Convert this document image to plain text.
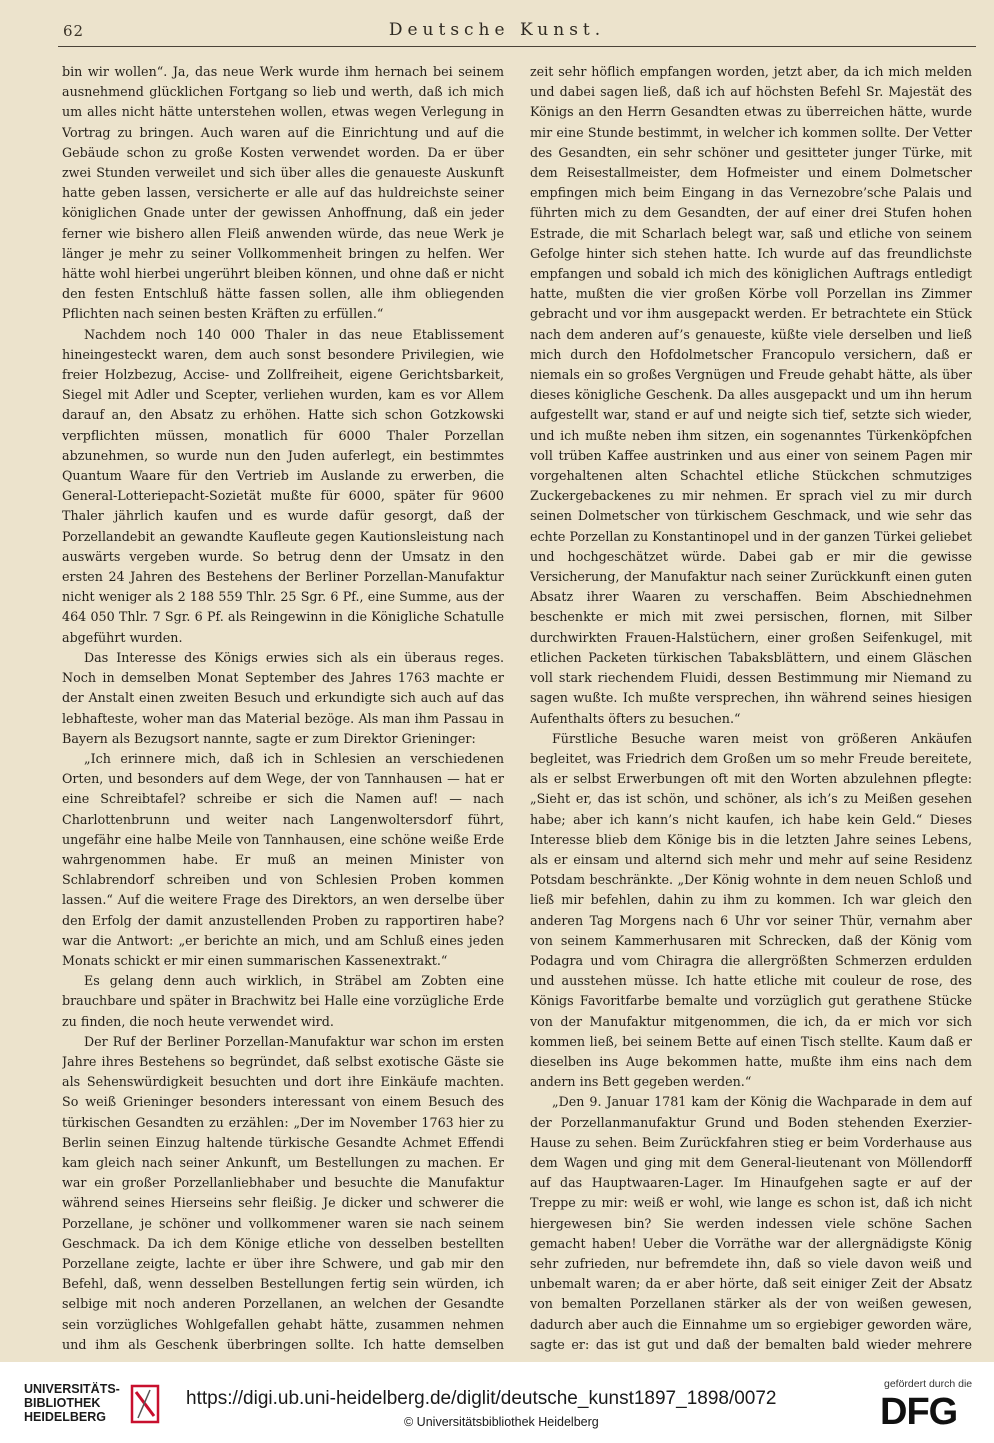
62	Deutsche Kunst.

bin wir wollen“. Ja, das neue Werk wurde ihm hernach bei seinem ausnehmend glücklichen Fortgang so lieb und werth, daß ich mich um alles nicht hätte unterstehen wollen, etwas wegen Verlegung in Vortrag zu bringen. Auch waren auf die Einrichtung und auf die Gebäude schon zu große Kosten verwendet worden. Da er über zwei Stunden verweilet und sich über alles die genaueste Auskunft hatte geben lassen, versicherte er alle auf das huldreichste seiner königlichen Gnade unter der gewissen Anhoffnung, daß ein jeder ferner wie bishero allen Fleiß anwenden würde, das neue Werk je länger je mehr zu seiner Vollkommenheit bringen zu helfen. Wer hätte wohl hierbei ungerührt bleiben können, und ohne daß er nicht den festen Entschluß hätte fassen sollen, alle ihm obliegenden Pflichten nach seinen besten Kräften zu erfüllen.“

Nachdem noch 140 000 Thaler in das neue Etablissement hineingesteckt waren, dem auch sonst besondere Privilegien, wie freier Holzbezug, Accise- und Zollfreiheit, eigene Gerichtsbarkeit, Siegel mit Adler und Scepter, verliehen wurden, kam es vor Allem darauf an, den Absatz zu erhöhen. Hatte sich schon Gotzkowski verpflichten müssen, monatlich für 6000 Thaler Porzellan abzunehmen, so wurde nun den Juden auferlegt, ein bestimmtes Quantum Waare für den Vertrieb im Auslande zu erwerben, die General-Lotteriepacht-Sozietät mußte für 6000, später für 9600 Thaler jährlich kaufen und es wurde dafür gesorgt, daß der Porzellandebit an gewandte Kaufleute gegen Kautionsleistung nach auswärts vergeben wurde. So betrug denn der Umsatz in den ersten 24 Jahren des Bestehens der Berliner Porzellan-Manufaktur nicht weniger als 2 188 559 Thlr. 25 Sgr. 6 Pf., eine Summe, aus der 464 050 Thlr. 7 Sgr. 6 Pf. als Reingewinn in die Königliche Schatulle abgeführt wurden.

Das Interesse des Königs erwies sich als ein überaus reges. Noch in demselben Monat September des Jahres 1763 machte er der Anstalt einen zweiten Besuch und erkundigte sich auch auf das lebhafteste, woher man das Material bezöge. Als man ihm Passau in Bayern als Bezugsort nannte, sagte er zum Direktor Grieninger:

„Ich erinnere mich, daß ich in Schlesien an verschiedenen Orten, und besonders auf dem Wege, der von Tannhausen — hat er eine Schreibtafel? schreibe er sich die Namen auf! — nach Charlottenbrunn und weiter nach Langenwoltersdorf führt, ungefähr eine halbe Meile von Tannhausen, eine schöne weiße Erde wahrgenommen habe. Er muß an meinen Minister von Schlabrendorf schreiben und von Schlesien Proben kommen lassen.“ Auf die weitere Frage des Direktors, an wen derselbe über den Erfolg der damit anzustellenden Proben zu rapportiren habe? war die Antwort: „er berichte an mich, und am Schluß eines jeden Monats schickt er mir einen summarischen Kassenextrakt.“

Es gelang denn auch wirklich, in Sträbel am Zobten eine brauchbare und später in Brachwitz bei Halle eine vorzügliche Erde zu finden, die noch heute verwendet wird.

Der Ruf der Berliner Porzellan-Manufaktur war schon im ersten Jahre ihres Bestehens so begründet, daß selbst exotische Gäste sie als Sehenswürdigkeit besuchten und dort ihre Einkäufe machten. So weiß Grieninger besonders interessant von einem Besuch des türkischen Gesandten zu erzählen: „Der im November 1763 hier zu Berlin seinen Einzug haltende türkische Gesandte Achmet Effendi kam gleich nach seiner Ankunft, um Bestellungen zu machen. Er war ein großer Porzellanliebhaber und besuchte die Manufaktur während seines Hierseins sehr fleißig. Je dicker und schwerer die Porzellane, je schöner und vollkommener waren sie nach seinem Geschmack. Da ich dem Könige etliche von desselben bestellten Porzellane zeigte, lachte er über ihre Schwere, und gab mir den Befehl, daß, wenn desselben Bestellungen fertig sein würden, ich selbige mit noch anderen Porzellanen, an welchen der Gesandte sein vorzügliches Wohlgefallen gehabt hätte, zusammen nehmen und ihm als Geschenk überbringen sollte. Ich hatte demselben

zeit sehr höflich empfangen worden, jetzt aber, da ich mich melden und dabei sagen ließ, daß ich auf höchsten Befehl Sr. Majestät des Königs an den Herrn Gesandten etwas zu überreichen hätte, wurde mir eine Stunde bestimmt, in welcher ich kommen sollte. Der Vetter des Gesandten, ein sehr schöner und gesitteter junger Türke, mit dem Reisestallmeister, dem Hofmeister und einem Dolmetscher empfingen mich beim Eingang in das Vernezobre’sche Palais und führten mich zu dem Gesandten, der auf einer drei Stufen hohen Estrade, die mit Scharlach belegt war, saß und etliche von seinem Gefolge hinter sich stehen hatte. Ich wurde auf das freundlichste empfangen und sobald ich mich des königlichen Auftrags entledigt hatte, mußten die vier großen Körbe voll Porzellan ins Zimmer gebracht und vor ihm ausgepackt werden. Er betrachtete ein Stück nach dem anderen auf’s genaueste, küßte viele derselben und ließ mich durch den Hofdolmetscher Francopulo versichern, daß er niemals ein so großes Vergnügen und Freude gehabt hätte, als über dieses königliche Geschenk. Da alles ausgepackt und um ihn herum aufgestellt war, stand er auf und neigte sich tief, setzte sich wieder, und ich mußte neben ihm sitzen, ein sogenanntes Türkenköpfchen voll trüben Kaffee austrinken und aus einer von seinem Pagen mir vorgehaltenen alten Schachtel etliche Stückchen schmutziges Zuckergebackenes zu mir nehmen. Er sprach viel zu mir durch seinen Dolmetscher von türkischem Geschmack, und wie sehr das echte Porzellan zu Konstantinopel und in der ganzen Türkei geliebet und hochgeschätzet würde. Dabei gab er mir die gewisse Versicherung, der Manufaktur nach seiner Zurückkunft einen guten Absatz ihrer Waaren zu verschaffen. Beim Abschiednehmen beschenkte er mich mit zwei persischen, flornen, mit Silber durchwirkten Frauen-Halstüchern, einer großen Seifenkugel, mit etlichen Packeten türkischen Tabaksblättern, und einem Gläschen voll stark riechendem Fluidi, dessen Bestimmung mir Niemand zu sagen wußte. Ich mußte versprechen, ihn während seines hiesigen Aufenthalts öfters zu besuchen.“

Fürstliche Besuche waren meist von größeren Ankäufen begleitet, was Friedrich dem Großen um so mehr Freude bereitete, als er selbst Erwerbungen oft mit den Worten abzulehnen pflegte: „Sieht er, das ist schön, und schöner, als ich’s zu Meißen gesehen habe; aber ich kann’s nicht kaufen, ich habe kein Geld.“ Dieses Interesse blieb dem Könige bis in die letzten Jahre seines Lebens, als er einsam und alternd sich mehr und mehr auf seine Residenz Potsdam beschränkte. „Der König wohnte in dem neuen Schloß und ließ mir befehlen, dahin zu ihm zu kommen. Ich war gleich den anderen Tag Morgens nach 6 Uhr vor seiner Thür, vernahm aber von seinem Kammerhusaren mit Schrecken, daß der König vom Podagra und vom Chiragra die allergrößten Schmerzen erdulden und ausstehen müsse. Ich hatte etliche mit couleur de rose, des Königs Favoritfarbe bemalte und vorzüglich gut gerathene Stücke von der Manufaktur mitgenommen, die ich, da er mich vor sich kommen ließ, bei seinem Bette auf einen Tisch stellte. Kaum daß er dieselben ins Auge bekommen hatte, mußte ihm eins nach dem andern ins Bett gegeben werden.“

„Den 9. Januar 1781 kam der König die Wachparade in dem auf der Porzellanmanufaktur Grund und Boden stehenden Exerzier-Hause zu sehen. Beim Zurückfahren stieg er beim Vorderhause aus dem Wagen und ging mit dem General-lieutenant von Möllendorff auf das Hauptwaaren-Lager. Im Hinaufgehen sagte er auf der Treppe zu mir: weiß er wohl, wie lange es schon ist, daß ich nicht hiergewesen bin? Sie werden indessen viele schöne Sachen gemacht haben! Ueber die Vorräthe war der allergnädigste König sehr zufrieden, nur befremdete ihn, daß so viele davon weiß und unbemalt waren; da er aber hörte, daß seit einiger Zeit der Absatz von bemalten Porzellanen stärker als der von weißen gewesen, dadurch aber auch die Einnahme um so ergiebiger geworden wäre, sagte er: das ist gut und daß der bemalten bald wieder mehrere

UNIVERSITÄTS-
BIBLIOTHEK
HEIDELBERG
https://digi.ub.uni-heidelberg.de/diglit/deutsche_kunst1897_1898/0072
© Universitätsbibliothek Heidelberg
gefördert durch die
DFG
